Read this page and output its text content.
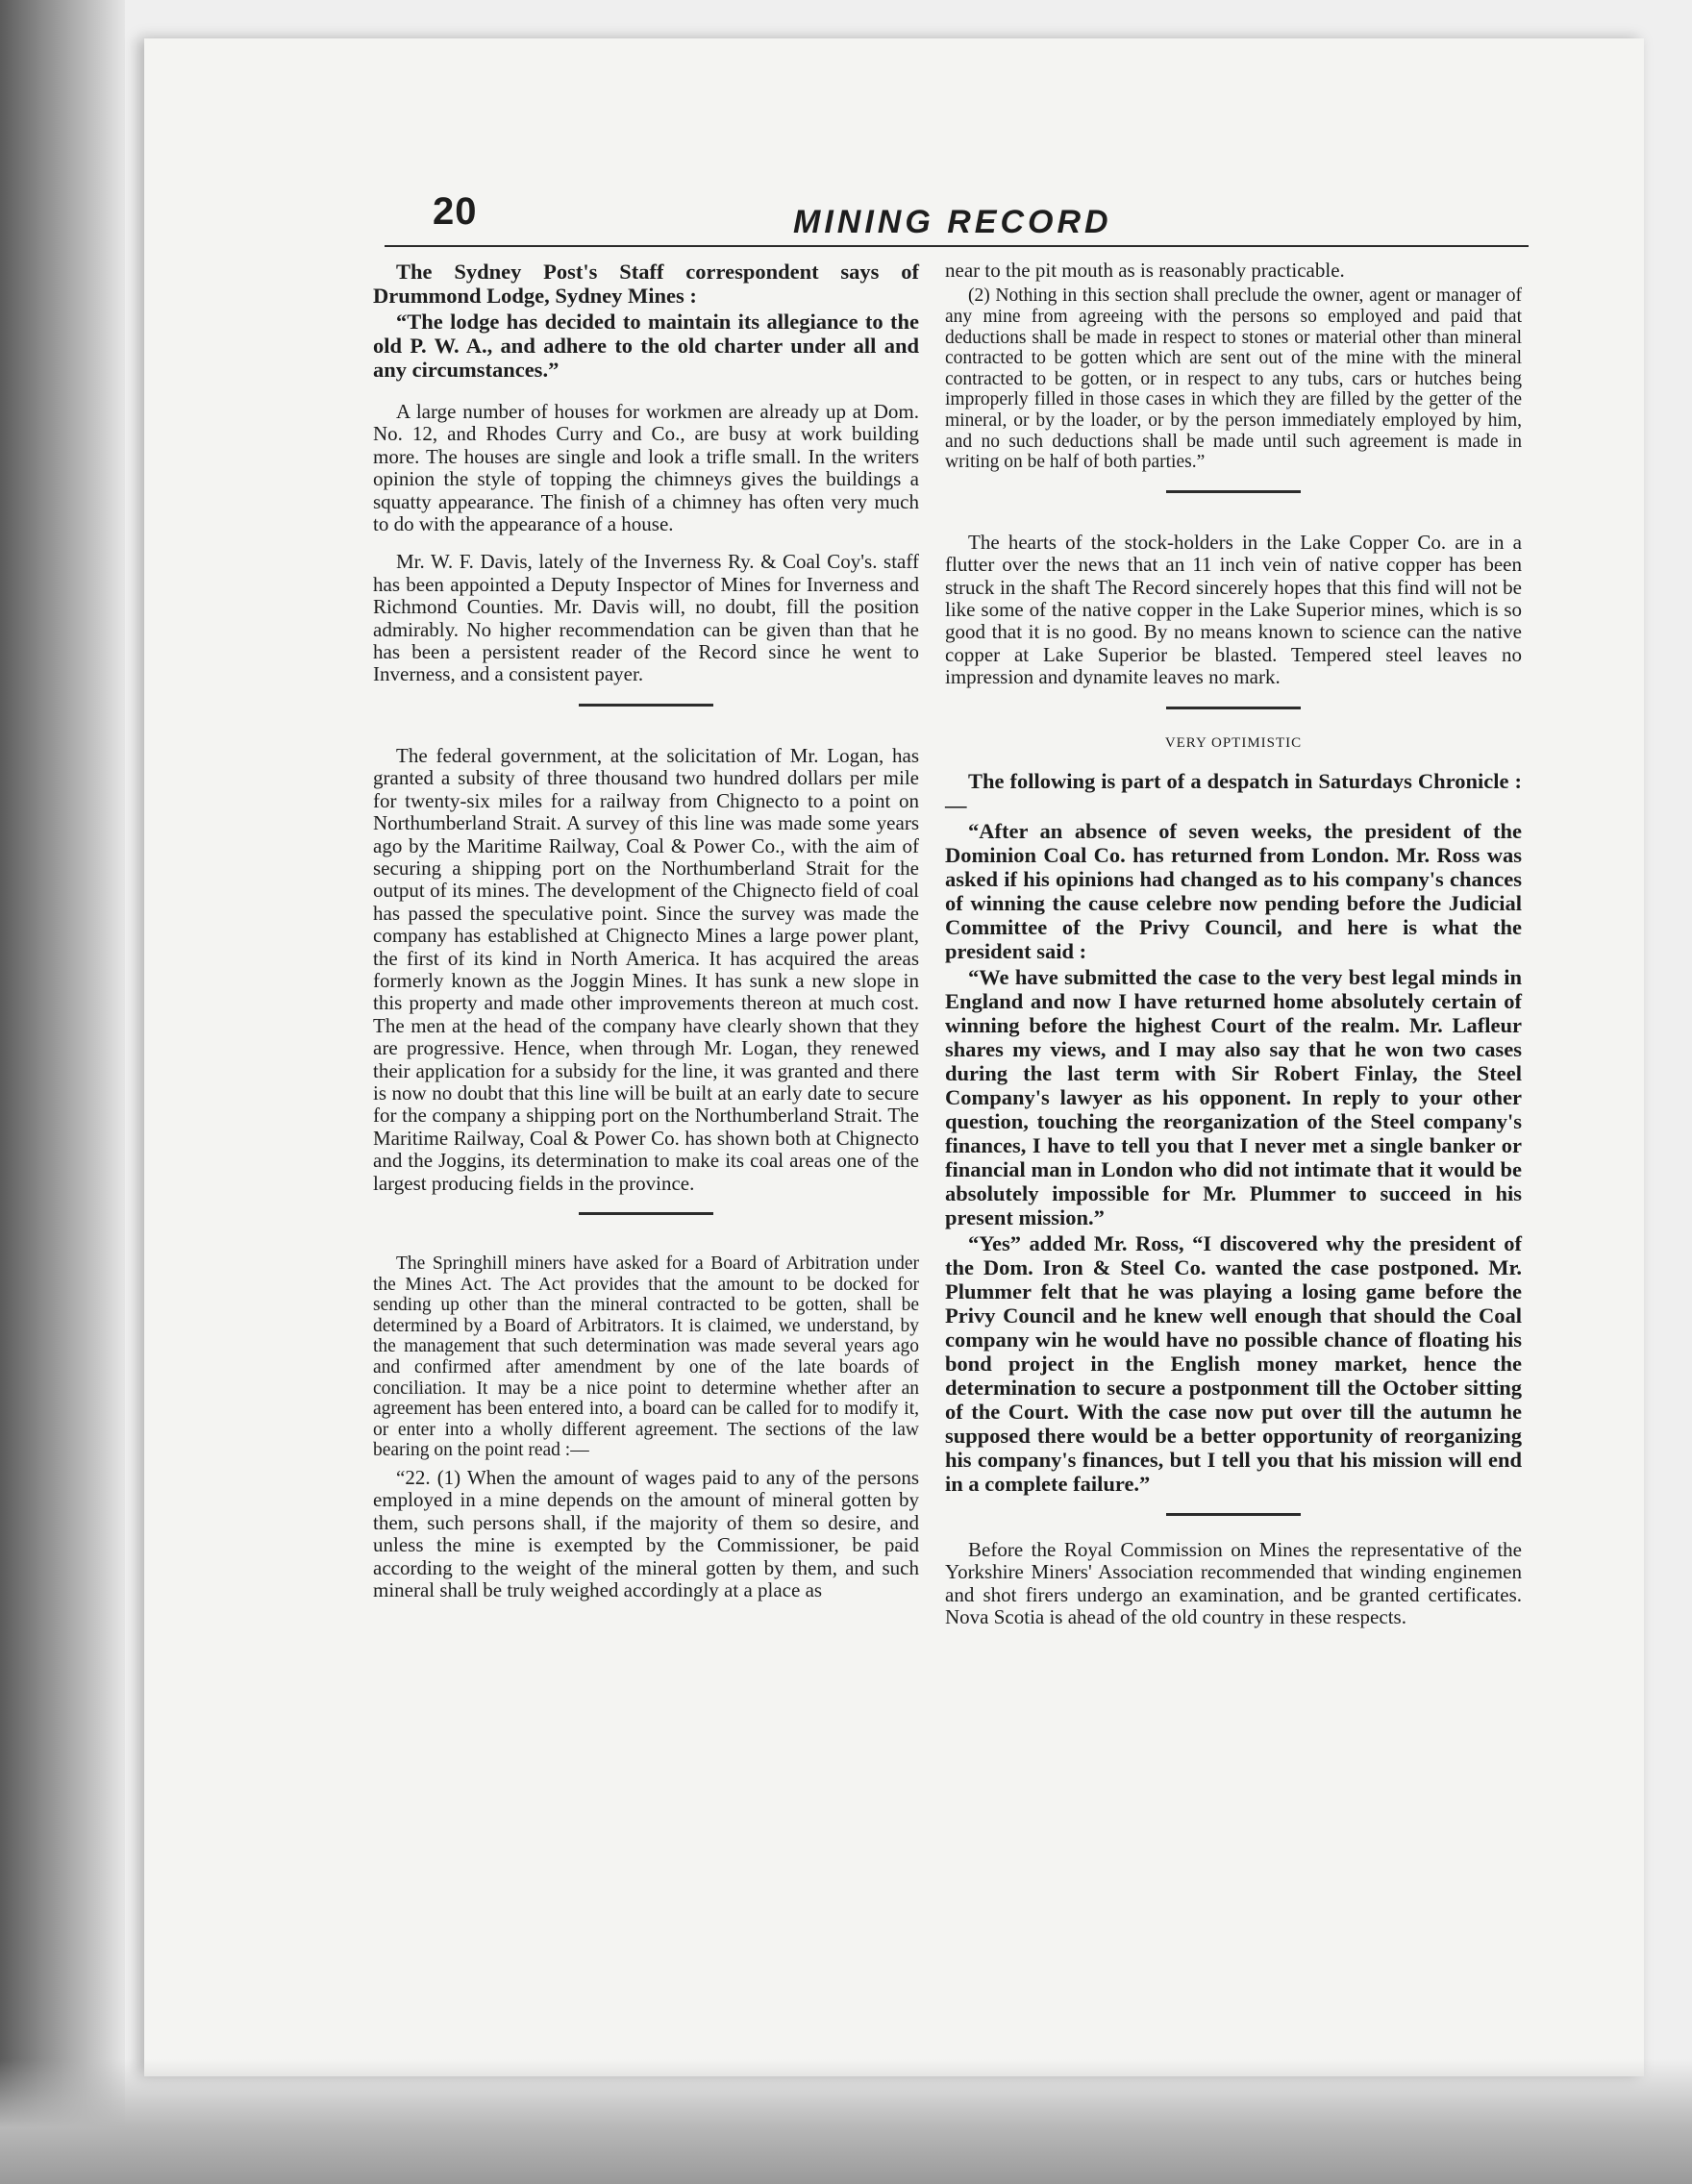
20	MINING RECORD

The Sydney Post's Staff correspondent says of Drummond Lodge, Sydney Mines :

“The lodge has decided to maintain its allegiance to the old P. W. A., and adhere to the old charter under all and any circumstances.”

A large number of houses for workmen are already up at Dom. No. 12, and Rhodes Curry and Co., are busy at work building more. The houses are single and look a trifle small. In the writers opinion the style of topping the chimneys gives the buildings a squatty appearance. The finish of a chimney has often very much to do with the appearance of a house.

Mr. W. F. Davis, lately of the Inverness Ry. & Coal Coy's. staff has been appointed a Deputy Inspector of Mines for Inverness and Richmond Counties. Mr. Davis will, no doubt, fill the position admirably. No higher recommendation can be given than that he has been a persistent reader of the Record since he went to Inverness, and a consistent payer.

The federal government, at the solicitation of Mr. Logan, has granted a subsity of three thousand two hundred dollars per mile for twenty-six miles for a railway from Chignecto to a point on Northumberland Strait. A survey of this line was made some years ago by the Maritime Railway, Coal & Power Co., with the aim of securing a shipping port on the Northumberland Strait for the output of its mines. The development of the Chignecto field of coal has passed the speculative point. Since the survey was made the company has established at Chignecto Mines a large power plant, the first of its kind in North America. It has acquired the areas formerly known as the Joggin Mines. It has sunk a new slope in this property and made other improvements thereon at much cost. The men at the head of the company have clearly shown that they are progressive. Hence, when through Mr. Logan, they renewed their application for a subsidy for the line, it was granted and there is now no doubt that this line will be built at an early date to secure for the company a shipping port on the Northumberland Strait. The Maritime Railway, Coal & Power Co. has shown both at Chignecto and the Joggins, its determination to make its coal areas one of the largest producing fields in the province.

The Springhill miners have asked for a Board of Arbitration under the Mines Act. The Act provides that the amount to be docked for sending up other than the mineral contracted to be gotten, shall be determined by a Board of Arbitrators. It is claimed, we understand, by the management that such determination was made several years ago and confirmed after amendment by one of the late boards of conciliation. It may be a nice point to determine whether after an agreement has been entered into, a board can be called for to modify it, or enter into a wholly different agreement. The sections of the law bearing on the point read :—

“22. (1) When the amount of wages paid to any of the persons employed in a mine depends on the amount of mineral gotten by them, such persons shall, if the majority of them so desire, and unless the mine is exempted by the Commissioner, be paid according to the weight of the mineral gotten by them, and such mineral shall be truly weighed accordingly at a place as

near to the pit mouth as is reasonably practicable.

(2) Nothing in this section shall preclude the owner, agent or manager of any mine from agreeing with the persons so employed and paid that deductions shall be made in respect to stones or material other than mineral contracted to be gotten which are sent out of the mine with the mineral contracted to be gotten, or in respect to any tubs, cars or hutches being improperly filled in those cases in which they are filled by the getter of the mineral, or by the loader, or by the person immediately employed by him, and no such deductions shall be made until such agreement is made in writing on be half of both parties.”

The hearts of the stock-holders in the Lake Copper Co. are in a flutter over the news that an 11 inch vein of native copper has been struck in the shaft The Record sincerely hopes that this find will not be like some of the native copper in the Lake Superior mines, which is so good that it is no good. By no means known to science can the native copper at Lake Superior be blasted. Tempered steel leaves no impression and dynamite leaves no mark.

VERY OPTIMISTIC

The following is part of a despatch in Saturdays Chronicle :—

“After an absence of seven weeks, the president of the Dominion Coal Co. has returned from London. Mr. Ross was asked if his opinions had changed as to his company's chances of winning the cause celebre now pending before the Judicial Committee of the Privy Council, and here is what the president said :

“We have submitted the case to the very best legal minds in England and now I have returned home absolutely certain of winning before the highest Court of the realm. Mr. Lafleur shares my views, and I may also say that he won two cases during the last term with Sir Robert Finlay, the Steel Company's lawyer as his opponent. In reply to your other question, touching the reorganization of the Steel company's finances, I have to tell you that I never met a single banker or financial man in London who did not intimate that it would be absolutely impossible for Mr. Plummer to succeed in his present mission.”

“Yes” added Mr. Ross, “I discovered why the president of the Dom. Iron & Steel Co. wanted the case postponed. Mr. Plummer felt that he was playing a losing game before the Privy Council and he knew well enough that should the Coal company win he would have no possible chance of floating his bond project in the English money market, hence the determination to secure a postponment till the October sitting of the Court. With the case now put over till the autumn he supposed there would be a better opportunity of reorganizing his company's finances, but I tell you that his mission will end in a complete failure.”

Before the Royal Commission on Mines the representative of the Yorkshire Miners' Association recommended that winding enginemen and shot firers undergo an examination, and be granted certificates. Nova Scotia is ahead of the old country in these respects.
